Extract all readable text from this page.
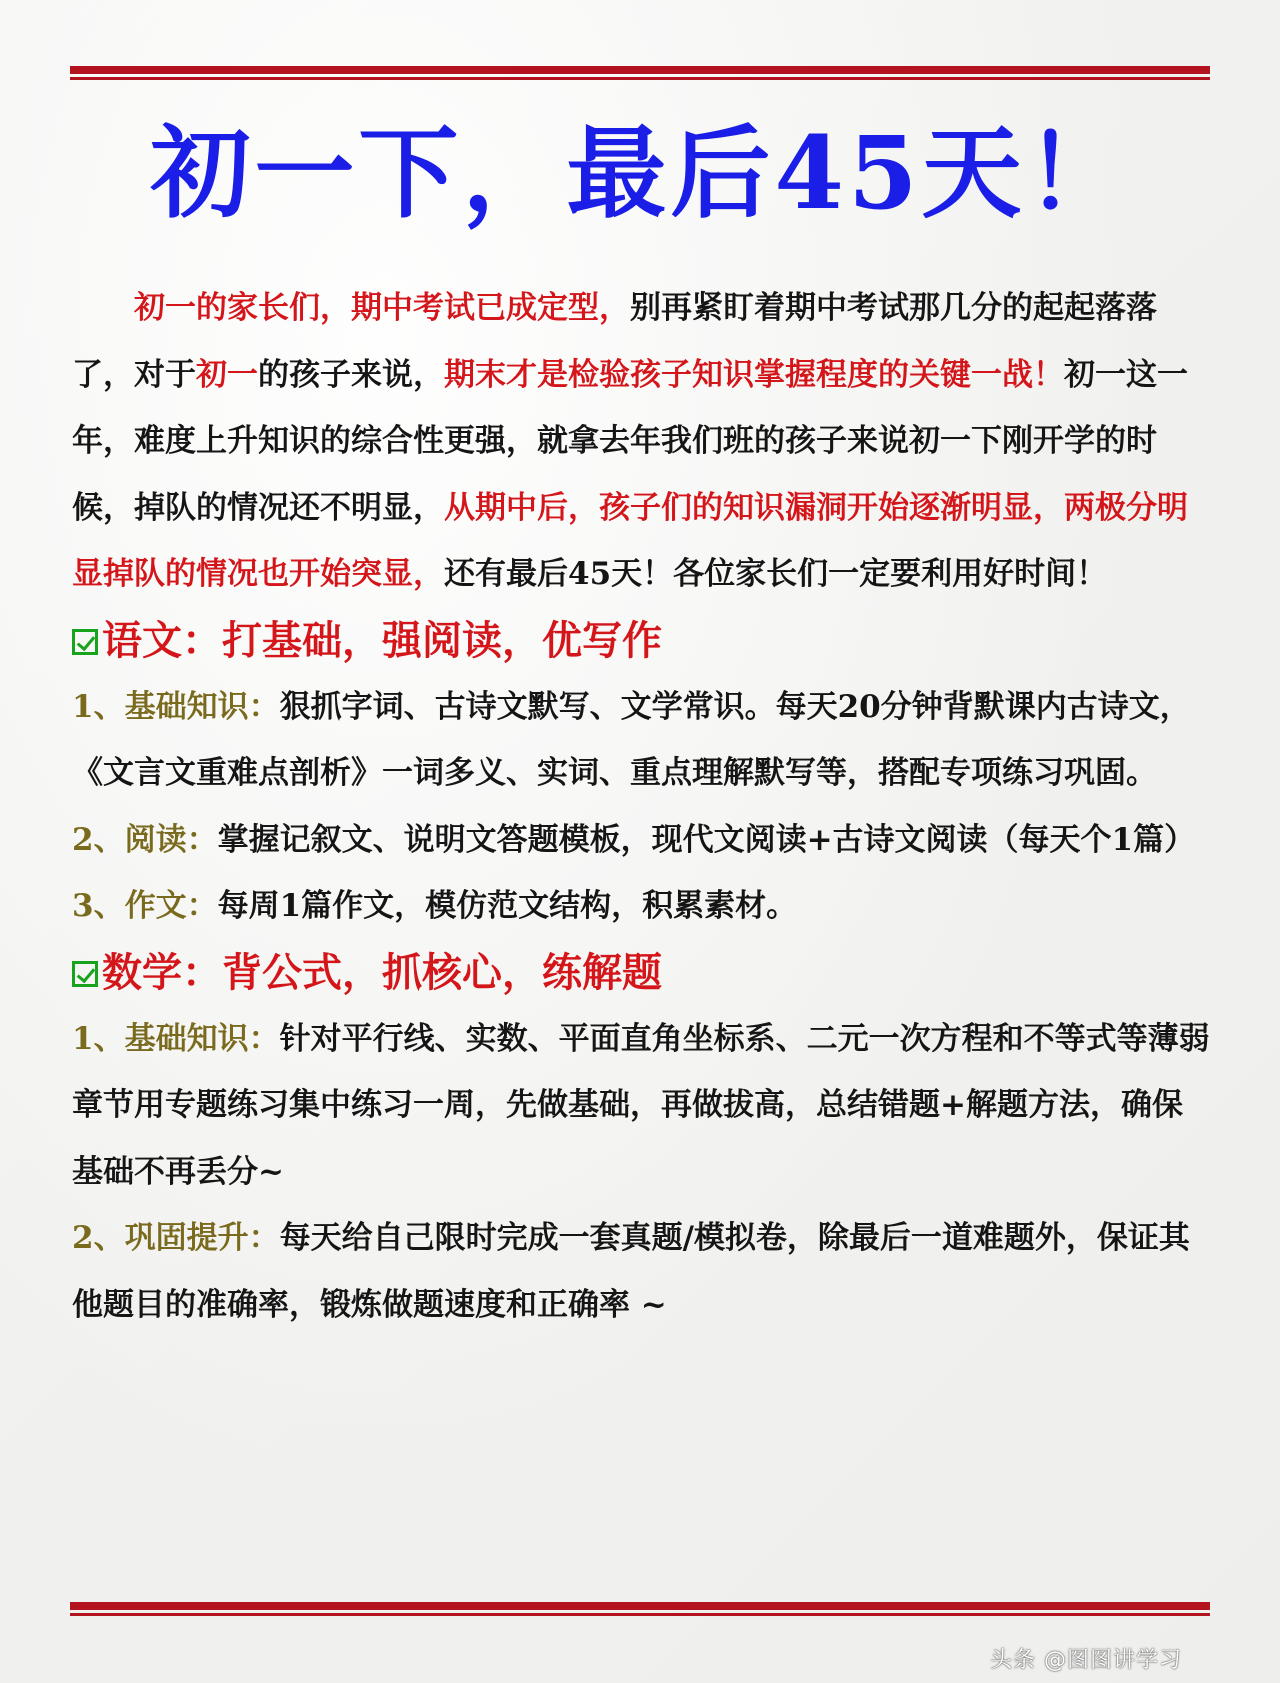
初一下，最后45天！

初一的家长们，期中考试已成定型，别再紧盯着期中考试那几分的起起落落了，对于初一的孩子来说，期末才是检验孩子知识掌握程度的关键一战！初一这一年，难度上升知识的综合性更强，就拿去年我们班的孩子来说初一下刚开学的时候，掉队的情况还不明显，从期中后，孩子们的知识漏洞开始逐渐明显，两极分明显掉队的情况也开始突显，还有最后45天！各位家长们一定要利用好时间！

语文：打基础，强阅读，优写作

1、基础知识：狠抓字词、古诗文默写、文学常识。每天20分钟背默课内古诗文，《文言文重难点剖析》一词多义、实词、重点理解默写等，搭配专项练习巩固。

2、阅读：掌握记叙文、说明文答题模板，现代文阅读+古诗文阅读（每天个1篇）

3、作文：每周1篇作文，模仿范文结构，积累素材。

数学：背公式，抓核心，练解题

1、基础知识：针对平行线、实数、平面直角坐标系、二元一次方程和不等式等薄弱章节用专题练习集中练习一周，先做基础，再做拔高，总结错题+解题方法，确保基础不再丢分~

2、巩固提升：每天给自己限时完成一套真题/模拟卷，除最后一道难题外，保证其他题目的准确率，锻炼做题速度和正确率 ~

头条 @图图讲学习
